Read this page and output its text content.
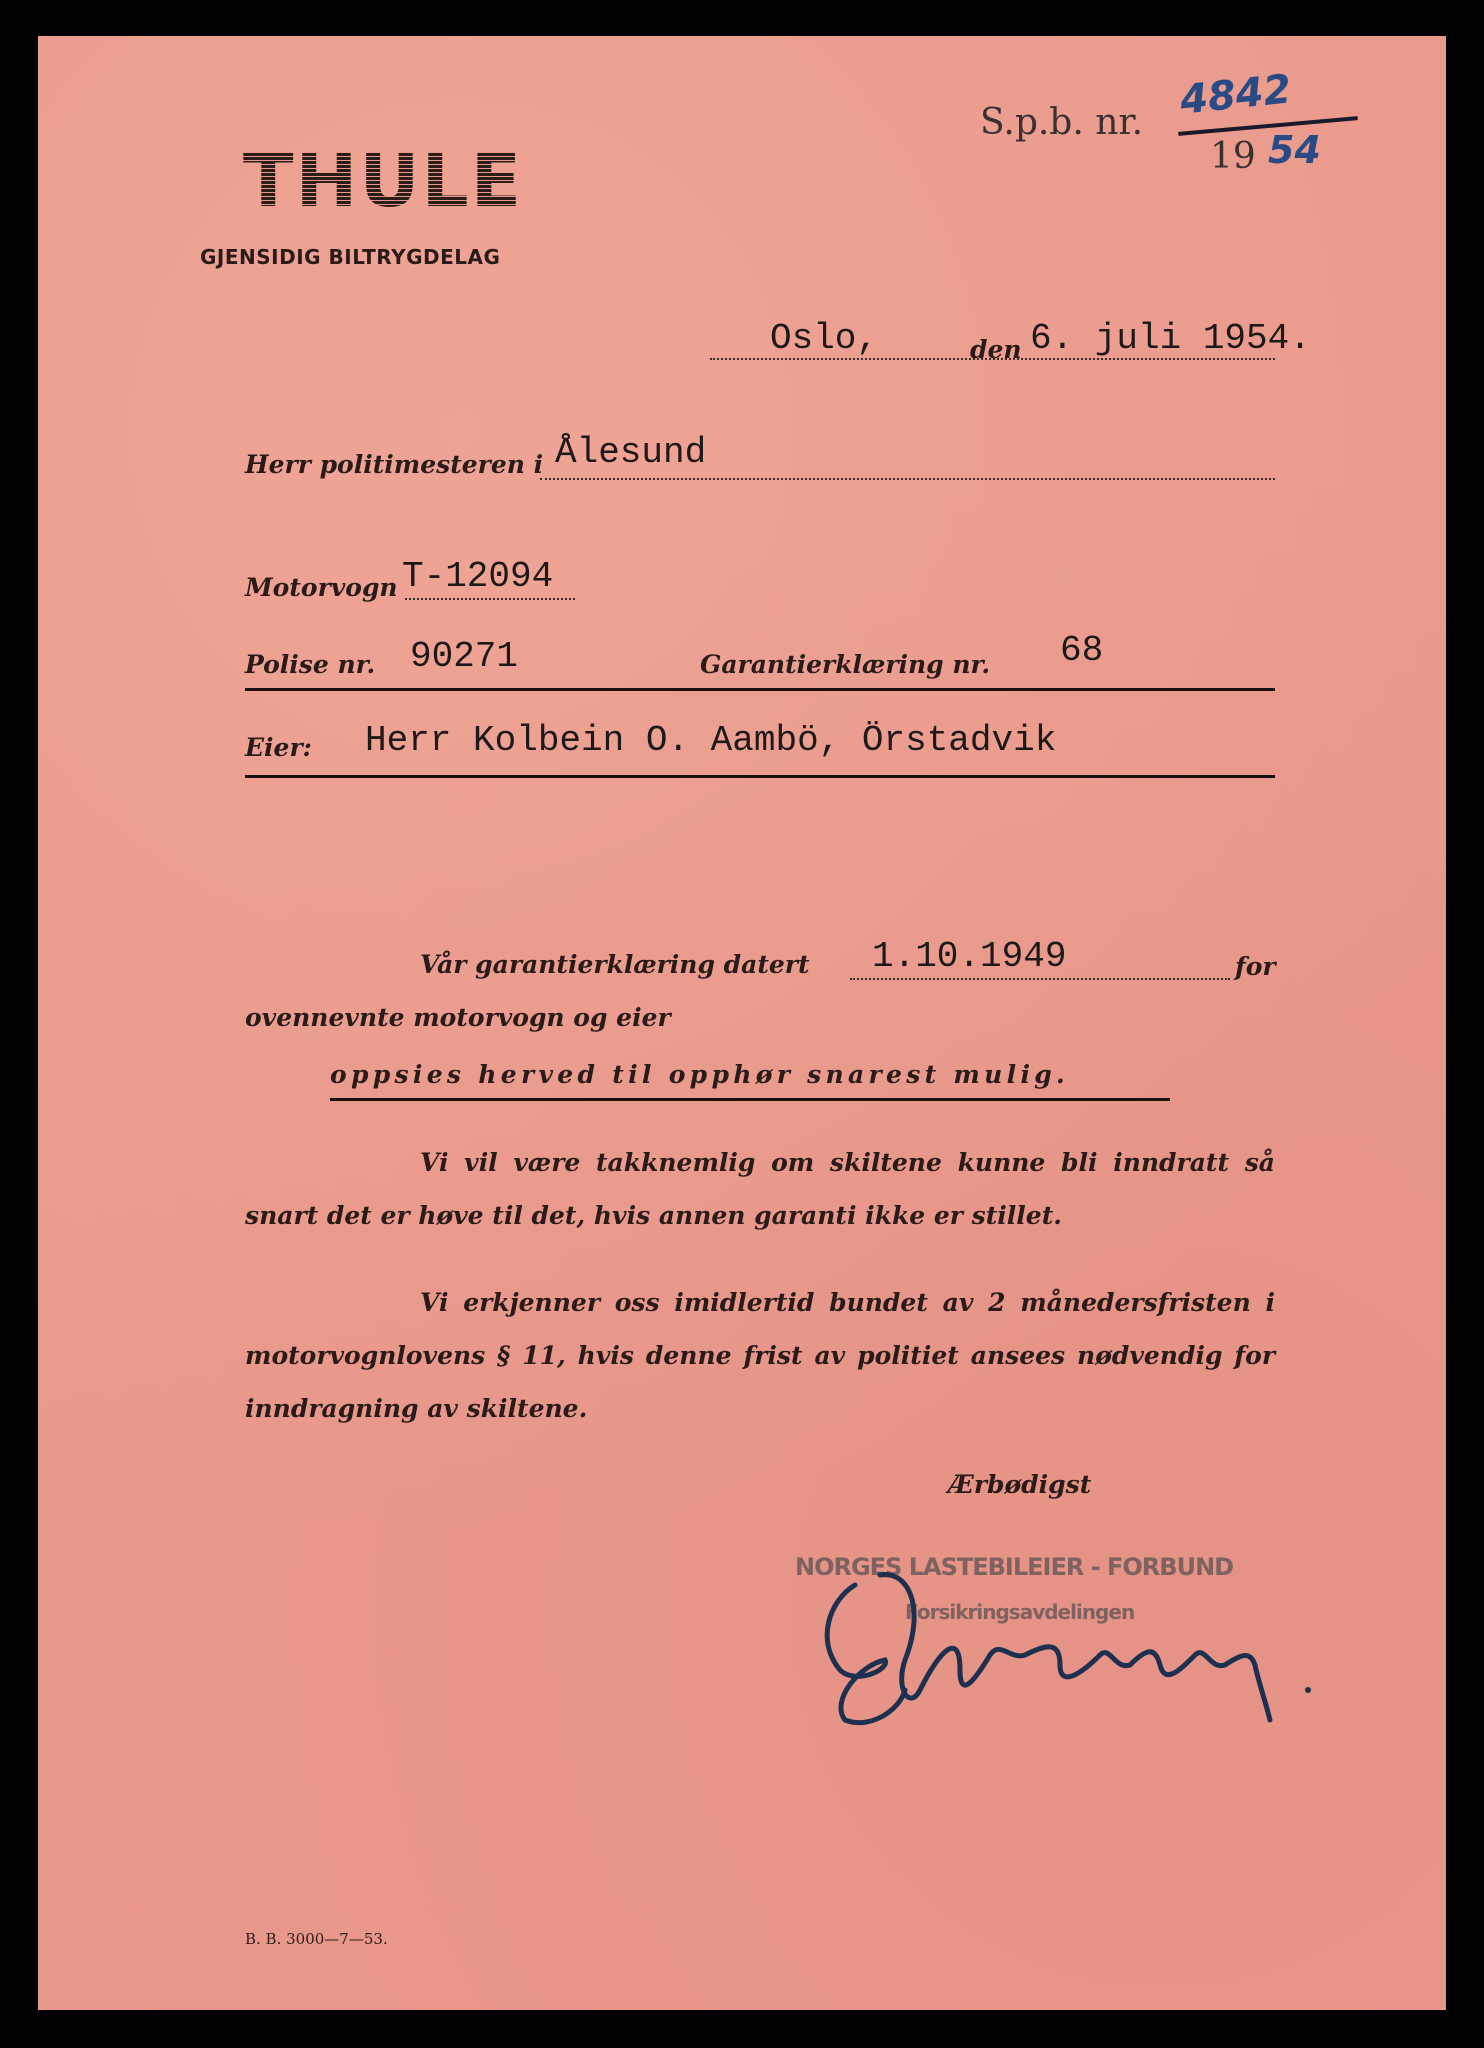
THULE
GJENSIDIG BILTRYGDELAG
S.p.b. nr. 4842
19 54
Oslo,	den 6. juli 1954.
Herr politimesteren i Ålesund
Motorvogn T-12094
Polise nr. 90271	Garantierklæring nr. 68
Eier: Herr Kolbein O. Aambö, Örstadvik
Vår garantierklæring datert 1.10.1949	for
ovennevnte motorvogn og eier
oppsies herved til opphør snarest mulig.
Vi vil være takknemlig om skiltene kunne bli inndratt så snart det er høve til det, hvis annen garanti ikke er stillet.
Vi erkjenner oss imidlertid bundet av 2 månedersfristen i motorvognlovens § 11, hvis denne frist av politiet ansees nødvendig for inndragning av skiltene.
Ærbødigst
NORGES LASTEBILEIER - FORBUND
Forsikringsavdelingen
B. B. 3000—7—53.
